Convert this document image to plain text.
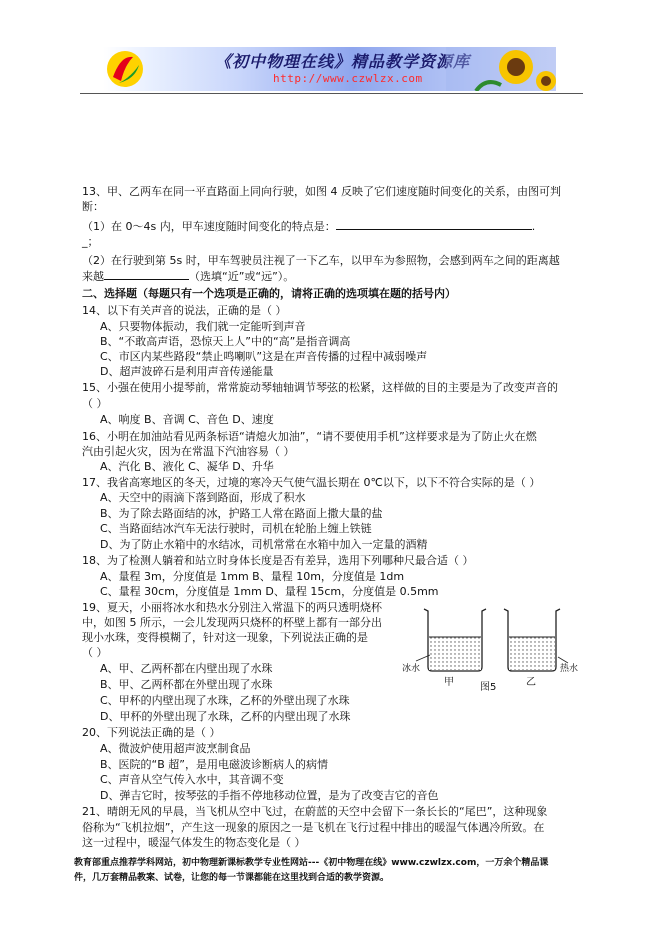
《初中物理在线》精品教学资源库
http://www.czwlzx.com
13、甲、乙两车在同一平直路面上同向行驶，如图 4 反映了它们速度随时间变化的关系，由图可判
断：
（1）在 0～4s 内，甲车速度随时间变化的特点是：	.
_；
（2）在行驶到第 5s 时，甲车驾驶员注视了一下乙车，以甲车为参照物，会感到两车之间的距离越
来越	（选填“近”或“远”）。
二、选择题（每题只有一个选项是正确的，请将正确的选项填在题的括号内）
14、以下有关声音的说法，正确的是（ ）
A、只要物体振动，我们就一定能听到声音
B、“不敢高声语，恐惊天上人”中的“高”是指音调高
C、市区内某些路段“禁止鸣喇叭”这是在声音传播的过程中减弱噪声
D、超声波碎石是利用声音传递能量
15、小强在使用小提琴前，常常旋动琴轴轴调节琴弦的松紧，这样做的目的主要是为了改变声音的
（ ）
A、响度 B、音调 C、音色 D、速度
16、小明在加油站看见两条标语“请熄火加油”，“请不要使用手机”这样要求是为了防止火在燃
汽由引起火灾，因为在常温下汽油容易（ ）
A、汽化 B、液化 C、凝华 D、升华
17、我省高寒地区的冬天，过境的寒冷天气使气温长期在 0℃以下，以下不符合实际的是（ ）
A、天空中的雨滴下落到路面，形成了积水
B、为了除去路面结的冰，护路工人常在路面上撒大量的盐
C、当路面结冰汽车无法行驶时，司机在轮胎上缠上铁链
D、为了防止水箱中的水结冰，司机常常在水箱中加入一定量的酒精
18、为了检测人躺着和站立时身体长度是否有差异，选用下列哪种尺最合适（ ）
A、量程 3m，分度值是 1mm B、量程 10m，分度值是 1dm
C、量程 30cm，分度值是 1mm D、量程 15cm，分度值是 0.5mm
19、夏天，小丽将冰水和热水分别注入常温下的两只透明烧杯
中，如图 5 所示，一会儿发现两只烧杯的杯壁上都有一部分出
现小水珠，变得模糊了，针对这一现象，下列说法正确的是
（ ）
A、甲、乙两杯都在内壁出现了水珠
B、甲、乙两杯都在外壁出现了水珠
C、甲杯的内壁出现了水珠，乙杯的外壁出现了水珠
D、甲杯的外壁出现了水珠，乙杯的内壁出现了水珠
冰水
甲	图5	乙
热水
20、下列说法正确的是（ ）
A、微波炉使用超声波烹制食品
B、医院的“B 超”，是用电磁波诊断病人的病情
C、声音从空气传入水中，其音调不变
D、弹吉它时，按琴弦的手指不停地移动位置，是为了改变吉它的音色
21、晴朗无风的早晨，当飞机从空中飞过，在蔚蓝的天空中会留下一条长长的“尾巴”，这种现象
俗称为“飞机拉烟”，产生这一现象的原因之一是飞机在飞行过程中排出的暖湿气体遇冷所致。在
这一过程中，暖湿气体发生的物态变化是（ ）
教育部重点推荐学科网站，初中物理新课标教学专业性网站---《初中物理在线》www.czwlzx.com，一万余个精品课
件，几万套精品教案、试卷，让您的每一节课都能在这里找到合适的教学资源。
